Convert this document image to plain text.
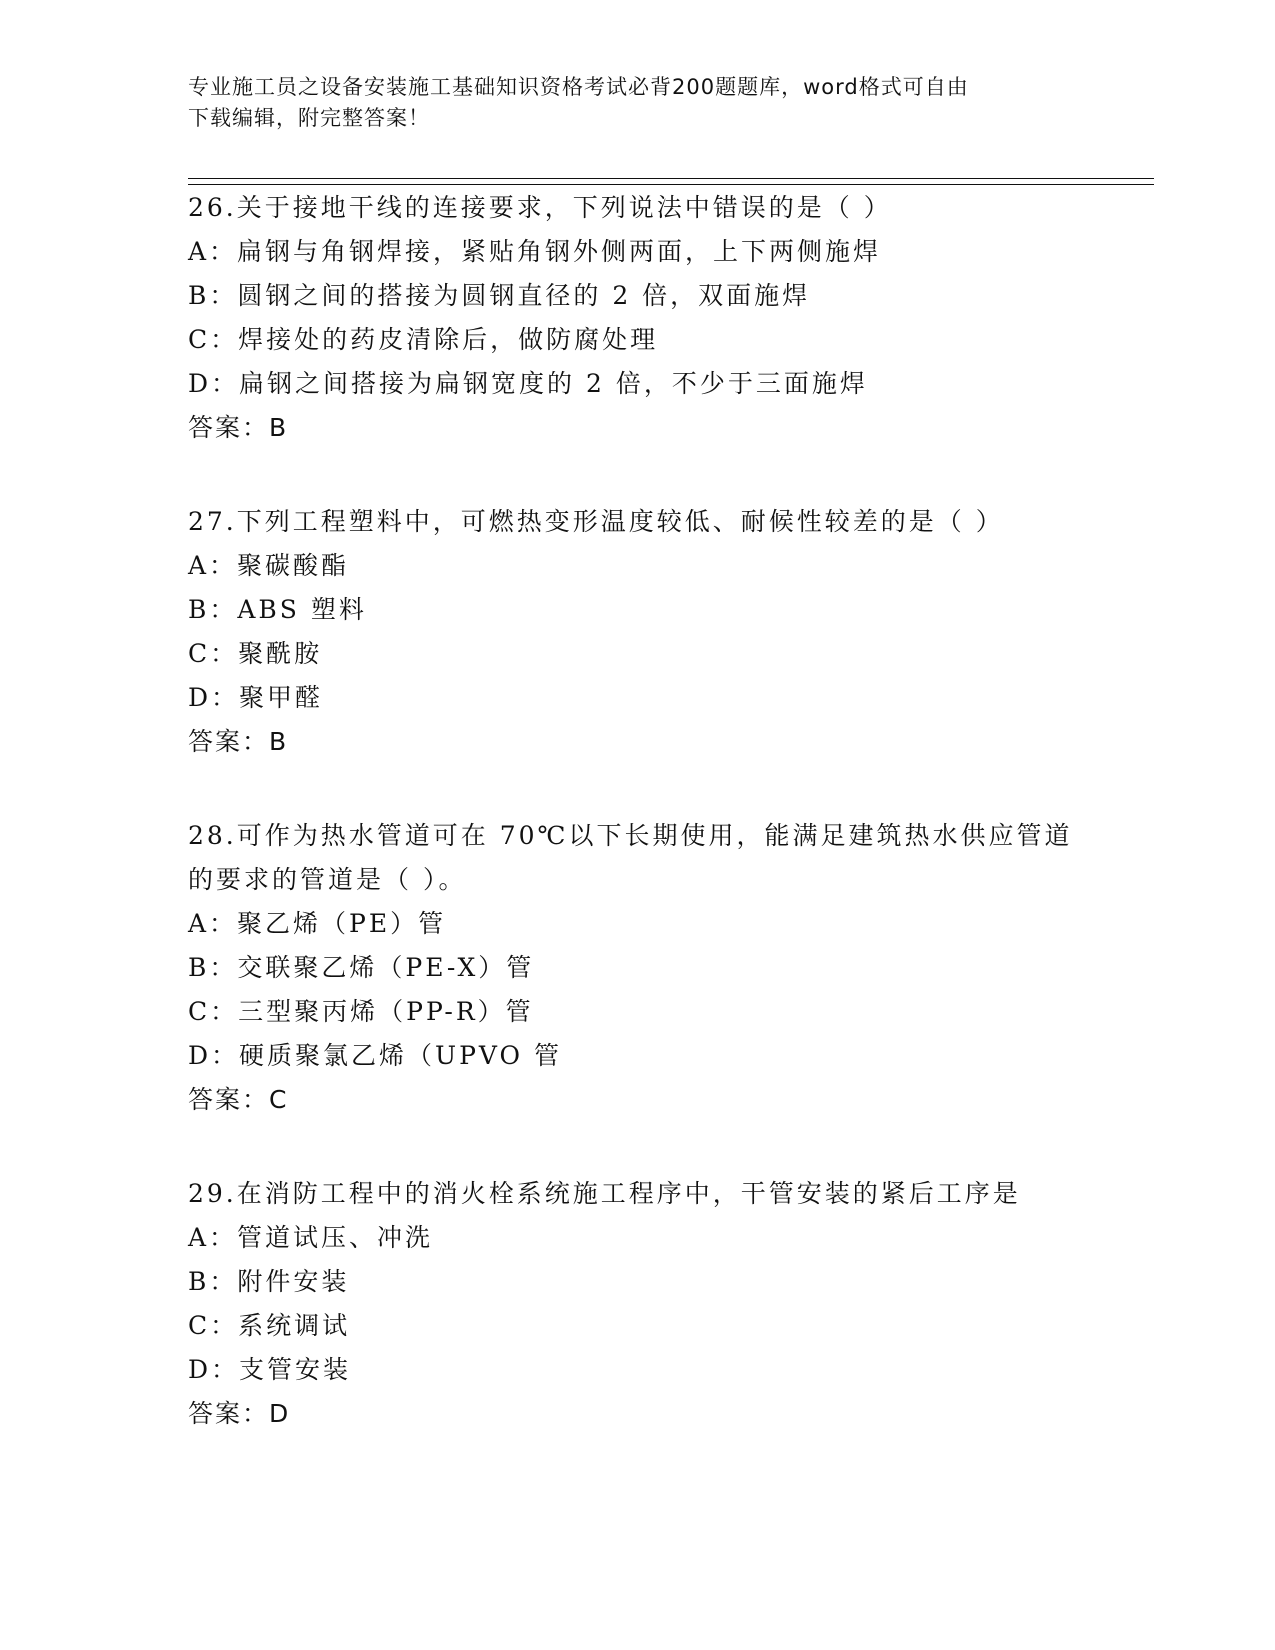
专业施工员之设备安装施工基础知识资格考试必背200题题库，word格式可自由
下载编辑，附完整答案！
26.关于接地干线的连接要求，下列说法中错误的是（ ）
A：扁钢与角钢焊接，紧贴角钢外侧两面，上下两侧施焊
B：圆钢之间的搭接为圆钢直径的 2 倍，双面施焊
C：焊接处的药皮清除后，做防腐处理
D：扁钢之间搭接为扁钢宽度的 2 倍，不少于三面施焊
答案：B
27.下列工程塑料中，可燃热变形温度较低、耐候性较差的是（ ）
A：聚碳酸酯
B：ABS 塑料
C：聚酰胺
D：聚甲醛
答案：B
28.可作为热水管道可在 70℃以下长期使用，能满足建筑热水供应管道
的要求的管道是（ ）。
A：聚乙烯（PE）管
B：交联聚乙烯（PE-X）管
C：三型聚丙烯（PP-R）管
D：硬质聚氯乙烯（UPVO 管
答案：C
29.在消防工程中的消火栓系统施工程序中，干管安装的紧后工序是
A：管道试压、冲洗
B：附件安装
C：系统调试
D：支管安装
答案：D
